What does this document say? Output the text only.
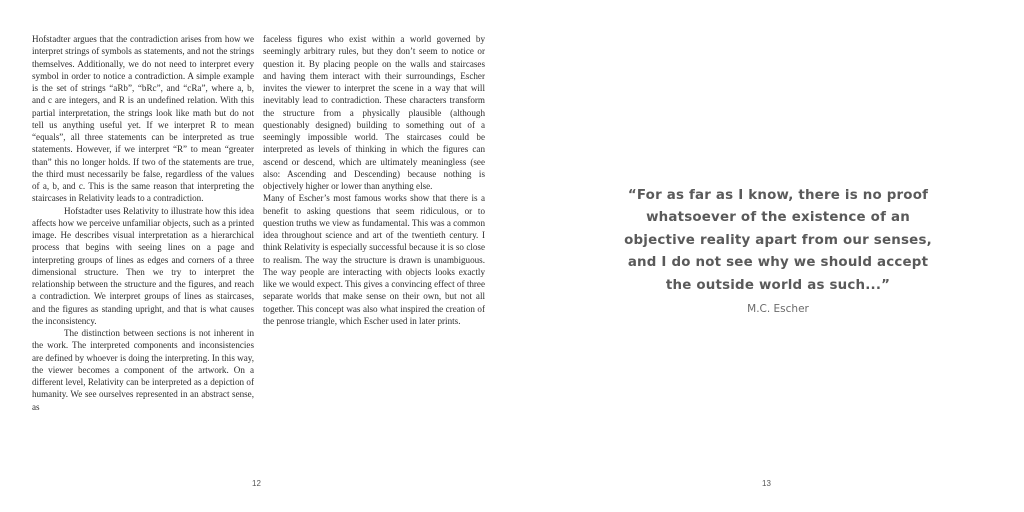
Hofstadter argues that the contradiction arises from how we interpret strings of symbols as statements, and not the strings themselves. Additionally, we do not need to interpret every symbol in order to notice a contradiction. A simple example is the set of strings “aRb”, “bRc”, and “cRa”, where a, b, and c are integers, and R is an undefined relation. With this partial interpretation, the strings look like math but do not tell us anything useful yet. If we interpret R to mean “equals”, all three statements can be interpreted as true statements. However, if we interpret “R” to mean “greater than” this no longer holds. If two of the statements are true, the third must necessarily be false, regardless of the values of a, b, and c. This is the same reason that interpreting the staircases in Relativity leads to a contradiction.

Hofstadter uses Relativity to illustrate how this idea affects how we perceive unfamiliar objects, such as a printed image. He describes visual interpretation as a hierarchical process that begins with seeing lines on a page and interpreting groups of lines as edges and corners of a three dimensional structure. Then we try to interpret the relationship between the structure and the figures, and reach a contradiction. We interpret groups of lines as staircases, and the figures as standing upright, and that is what causes the inconsistency.

The distinction between sections is not inherent in the work. The interpreted components and inconsistencies are defined by whoever is doing the interpreting. In this way, the viewer becomes a component of the artwork. On a different level, Relativity can be interpreted as a depiction of humanity. We see ourselves represented in an abstract sense, as

faceless figures who exist within a world governed by seemingly arbitrary rules, but they don’t seem to notice or question it. By placing people on the walls and staircases and having them interact with their surroundings, Escher invites the viewer to interpret the scene in a way that will inevitably lead to contradiction. These characters transform the structure from a physically plausible (although questionably designed) building to something out of a seemingly impossible world. The staircases could be interpreted as levels of thinking in which the figures can ascend or descend, which are ultimately meaningless (see also: Ascending and Descending) because nothing is objectively higher or lower than anything else.

Many of Escher’s most famous works show that there is a benefit to asking questions that seem ridiculous, or to question truths we view as fundamental. This was a common idea throughout science and art of the twentieth century. I think Relativity is especially successful because it is so close to realism. The way the structure is drawn is unambiguous. The way people are interacting with objects looks exactly like we would expect. This gives a convincing effect of three separate worlds that make sense on their own, but not all together. This concept was also what inspired the creation of the penrose triangle, which Escher used in later prints.

12
“For as far as I know, there is no proof
whatsoever of the existence of an
objective reality apart from our senses,
and I do not see why we should accept
the outside world as such...”
M.C. Escher
13
